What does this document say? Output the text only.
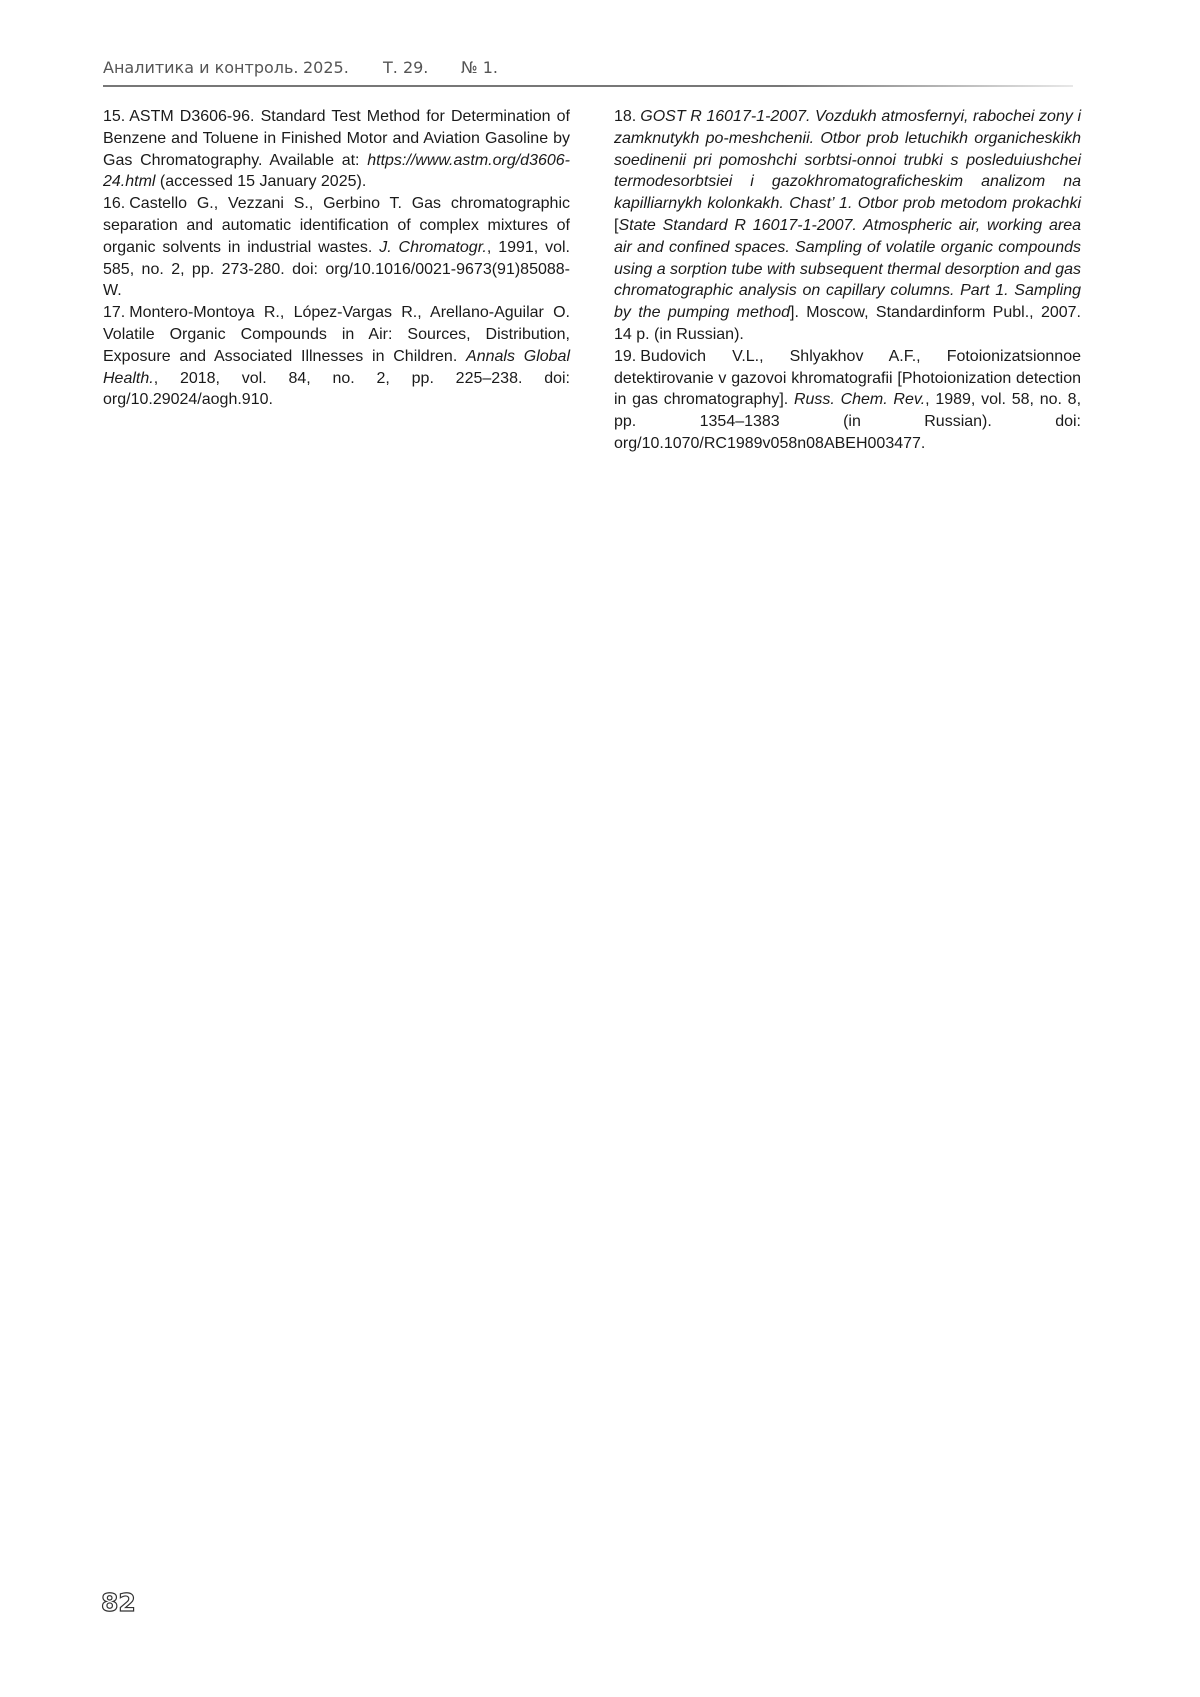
Аналитика и контроль. 2025. Т. 29. № 1.

15. ASTM D3606-96. Standard Test Method for Determination of Benzene and Toluene in Finished Motor and Aviation Gasoline by Gas Chromatography. Available at: https://www.astm.org/d3606-24.html (accessed 15 January 2025).

16. Castello G., Vezzani S., Gerbino T. Gas chromatographic separation and automatic identification of complex mixtures of organic solvents in industrial wastes. J. Chromatogr., 1991, vol. 585, no. 2, pp. 273-280. doi: org/10.1016/0021-9673(91)85088-W.

17. Montero-Montoya R., López-Vargas R., Arellano-Aguilar O. Volatile Organic Compounds in Air: Sources, Distribution, Exposure and Associated Illnesses in Children. Annals Global Health., 2018, vol. 84, no. 2, pp. 225–238. doi: org/10.29024/aogh.910.

18. GOST R 16017-1-2007. Vozdukh atmosfernyi, rabochei zony i zamknutykh po-meshchenii. Otbor prob letuchikh organicheskikh soedinenii pri pomoshchi sorbtsi-onnoi trubki s posleduiushchei termodesorbtsiei i gazokhromatograficheskim analizom na kapilliarnykh kolonkakh. Chast’ 1. Otbor prob metodom prokachki [State Standard R 16017-1-2007. Atmospheric air, working area air and confined spaces. Sampling of volatile organic compounds using a sorption tube with subsequent thermal desorption and gas chromatographic analysis on capillary columns. Part 1. Sampling by the pumping method]. Moscow, Standardinform Publ., 2007. 14 p. (in Russian).

19. Budovich V.L., Shlyakhov A.F., Fotoionizatsionnoe detektirovanie v gazovoi khromatografii [Photoionization detection in gas chromatography]. Russ. Chem. Rev., 1989, vol. 58, no. 8, pp. 1354–1383 (in Russian). doi: org/10.1070/RC1989v058n08ABEH003477.

82
